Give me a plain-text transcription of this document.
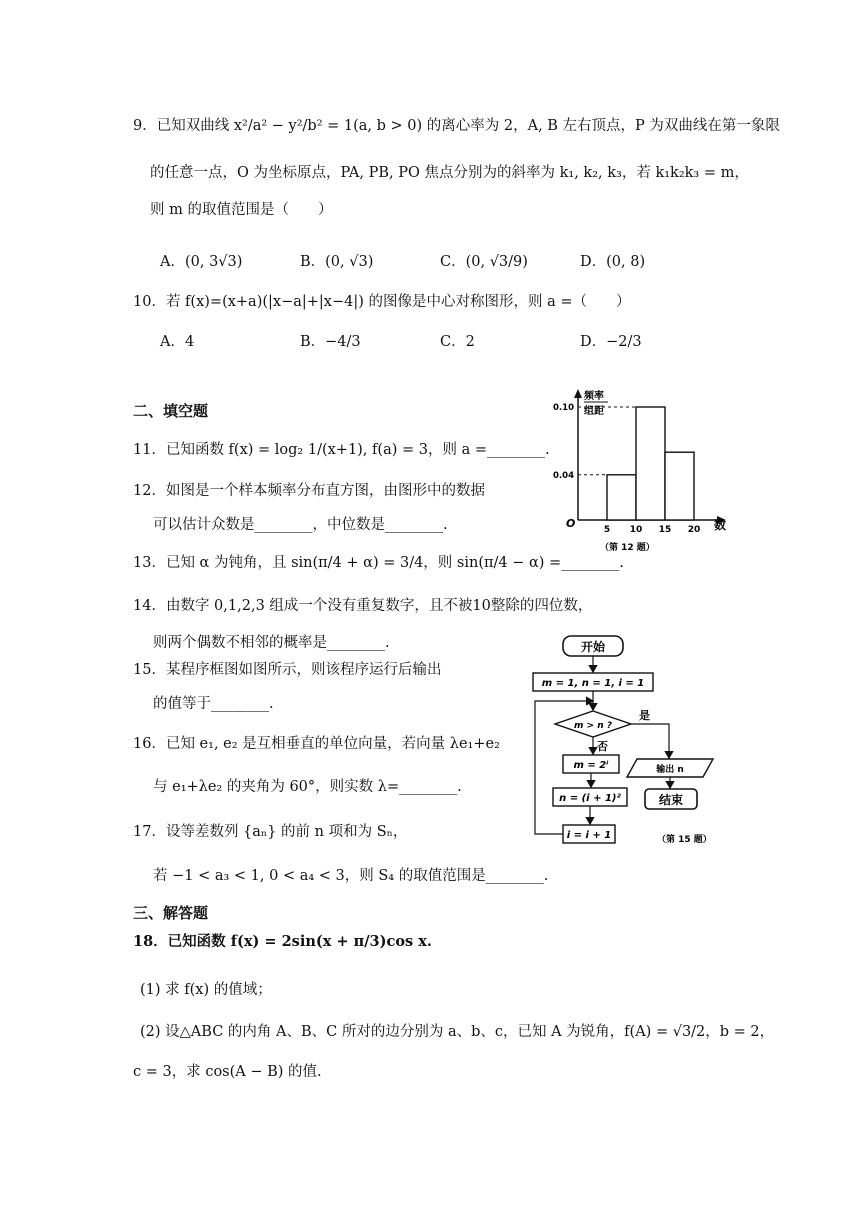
9．已知双曲线 x²/a² − y²/b² = 1(a, b > 0) 的离心率为 2，A, B 左右顶点，P 为双曲线在第一象限
的任意一点，O 为坐标原点，PA, PB, PO 焦点分别为的斜率为 k₁, k₂, k₃，若 k₁k₂k₃ = m，
则 m 的取值范围是（　　）
A．(0, 3√3)	B．(0, √3)	C．(0, √3/9)	D．(0, 8)
10．若 f(x)=(x+a)(|x−a|+|x−4|) 的图像是中心对称图形，则 a =（　　）
A．4	B．−4/3	C．2	D．−2/3
二、填空题
11．已知函数 f(x) = log₂ 1/(x+1), f(a) = 3，则 a =________.
12．如图是一个样本频率分布直方图，由图形中的数据
可以估计众数是________，中位数是________.
13．已知 α 为钝角，且 sin(π/4 + α) = 3/4，则 sin(π/4 − α) =________.
14．由数字 0,1,2,3 组成一个没有重复数字，且不被10整除的四位数，
则两个偶数不相邻的概率是________.
15．某程序框图如图所示，则该程序运行后输出
的值等于________.
16．已知 e₁, e₂ 是互相垂直的单位向量，若向量 λe₁+e₂
与 e₁+λe₂ 的夹角为 60°，则实数 λ=________.
17．设等差数列 {aₙ} 的前 n 项和为 Sₙ，
若 −1 < a₃ < 1, 0 < a₄ < 3，则 S₄ 的取值范围是________.
三、解答题
18．已知函数 f(x) = 2sin(x + π/3)cos x.
(1) 求 f(x) 的值域；
(2) 设△ABC 的内角 A、B、C 所对的边分别为 a、b、c，已知 A 为锐角，f(A) = √3/2，b = 2，
c = 3，求 cos(A − B) 的值.
频率
组距
O	数
0.10
0.04
5 10 15 20
（第 12 题）
开始
m = 1, n = 1, i = 1
m > n ?
是
输出 n
结束
否
m = 2ⁱ
n = (i + 1)²
i = i + 1	（第 15 题）
